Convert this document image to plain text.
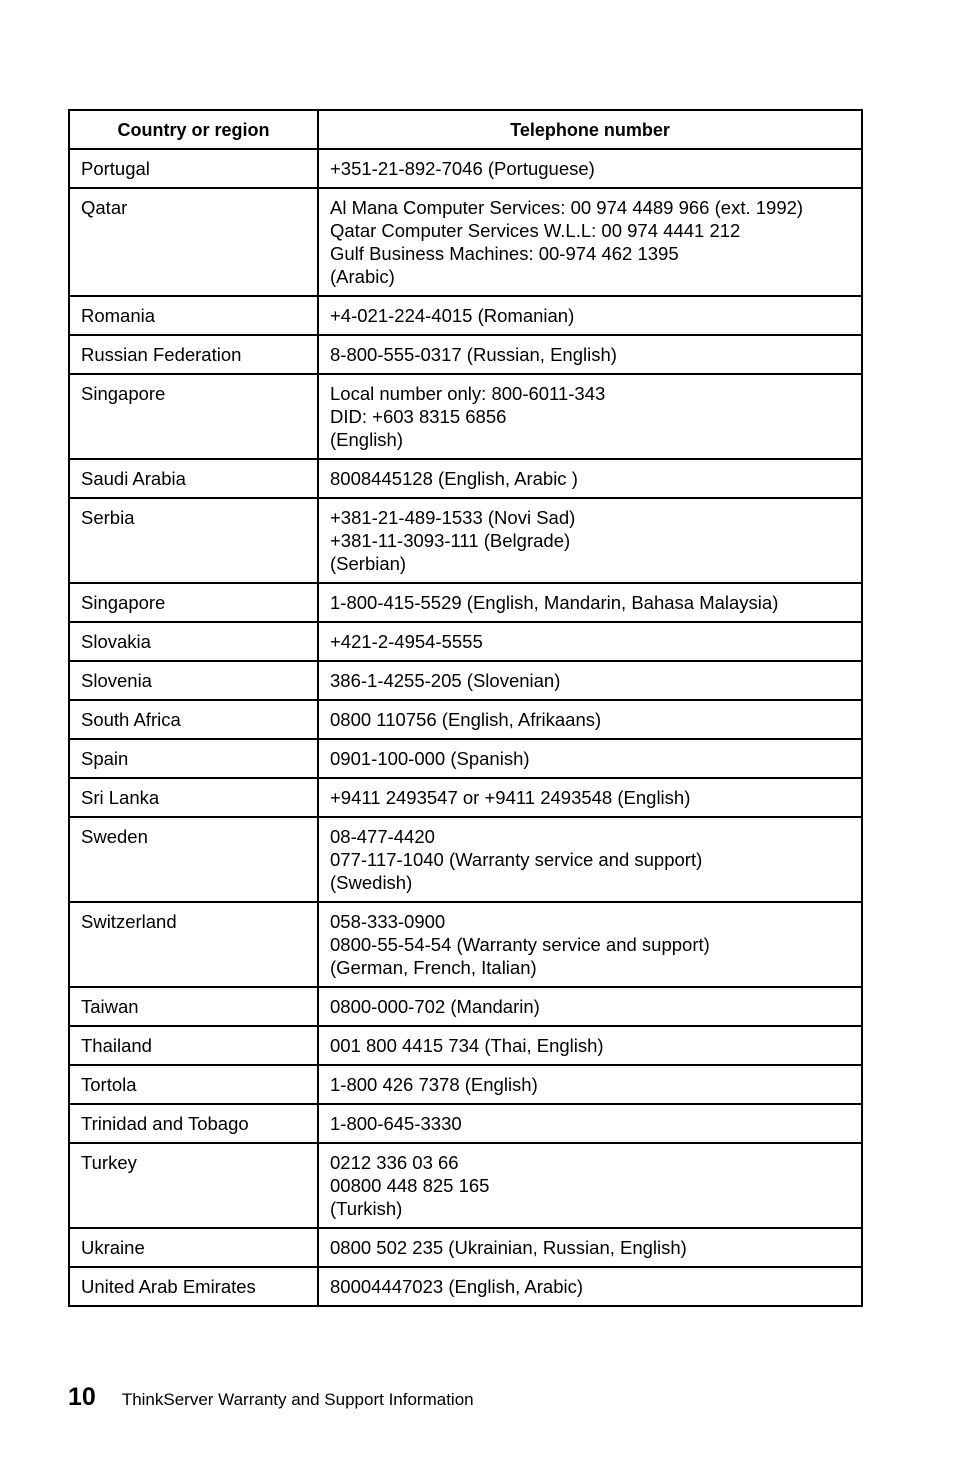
Country or region	Telephone number
Portugal	+351-21-892-7046 (Portuguese)

Qatar	Al Mana Computer Services: 00 974 4489 966 (ext. 1992)
Qatar Computer Services W.L.L: 00 974 4441 212
Gulf Business Machines: 00-974 462 1395
(Arabic)

Romania	+4-021-224-4015 (Romanian)

Russian Federation	8-800-555-0317 (Russian, English)

Singapore	Local number only: 800-6011-343
DID: +603 8315 6856
(English)

Saudi Arabia	8008445128 (English, Arabic )

Serbia	+381-21-489-1533 (Novi Sad)
+381-11-3093-111 (Belgrade)
(Serbian)

Singapore	1-800-415-5529 (English, Mandarin, Bahasa Malaysia)

Slovakia	+421-2-4954-5555

Slovenia	386-1-4255-205 (Slovenian)

South Africa	0800 110756 (English, Afrikaans)

Spain	0901-100-000 (Spanish)

Sri Lanka	+9411 2493547 or +9411 2493548 (English)

Sweden	08-477-4420
077-117-1040 (Warranty service and support)
(Swedish)

Switzerland	058-333-0900
0800-55-54-54 (Warranty service and support)
(German, French, Italian)

Taiwan	0800-000-702 (Mandarin)

Thailand	001 800 4415 734 (Thai, English)

Tortola	1-800 426 7378 (English)

Trinidad and Tobago	1-800-645-3330

Turkey	0212 336 03 66
00800 448 825 165
(Turkish)

Ukraine	0800 502 235 (Ukrainian, Russian, English)

United Arab Emirates	80004447023 (English, Arabic)
10 ThinkServer Warranty and Support Information
